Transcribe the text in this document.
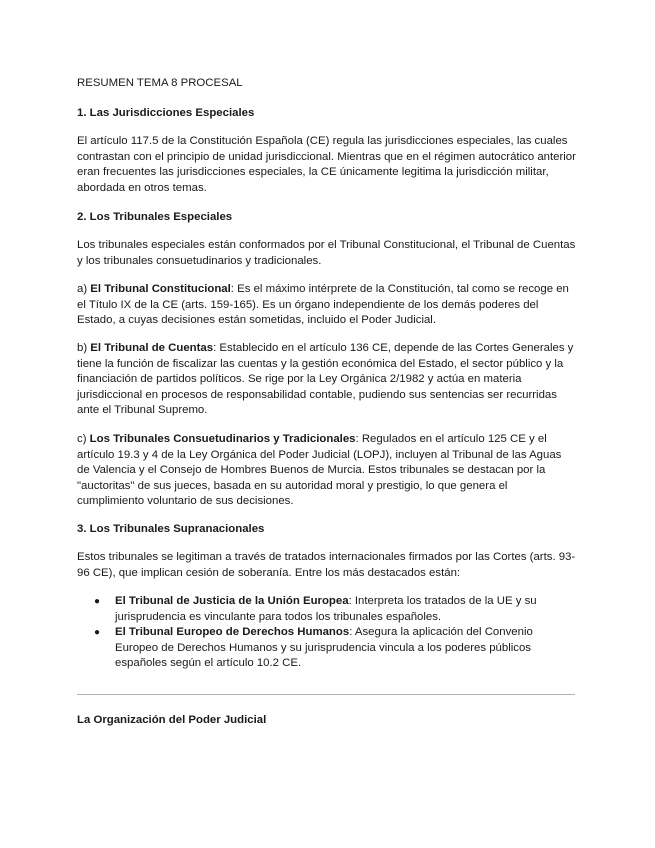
RESUMEN TEMA 8 PROCESAL

1. Las Jurisdicciones Especiales

El artículo 117.5 de la Constitución Española (CE) regula las jurisdicciones especiales, las cuales contrastan con el principio de unidad jurisdiccional. Mientras que en el régimen autocrático anterior eran frecuentes las jurisdicciones especiales, la CE únicamente legitima la jurisdicción militar, abordada en otros temas.

2. Los Tribunales Especiales

Los tribunales especiales están conformados por el Tribunal Constitucional, el Tribunal de Cuentas y los tribunales consuetudinarios y tradicionales.

a) El Tribunal Constitucional: Es el máximo intérprete de la Constitución, tal como se recoge en el Título IX de la CE (arts. 159-165). Es un órgano independiente de los demás poderes del Estado, a cuyas decisiones están sometidas, incluido el Poder Judicial.

b) El Tribunal de Cuentas: Establecido en el artículo 136 CE, depende de las Cortes Generales y tiene la función de fiscalizar las cuentas y la gestión económica del Estado, el sector público y la financiación de partidos políticos. Se rige por la Ley Orgánica 2/1982 y actúa en materia jurisdiccional en procesos de responsabilidad contable, pudiendo sus sentencias ser recurridas ante el Tribunal Supremo.

c) Los Tribunales Consuetudinarios y Tradicionales: Regulados en el artículo 125 CE y el artículo 19.3 y 4 de la Ley Orgánica del Poder Judicial (LOPJ), incluyen al Tribunal de las Aguas de Valencia y el Consejo de Hombres Buenos de Murcia. Estos tribunales se destacan por la "auctoritas" de sus jueces, basada en su autoridad moral y prestigio, lo que genera el cumplimiento voluntario de sus decisiones.

3. Los Tribunales Supranacionales

Estos tribunales se legitiman a través de tratados internacionales firmados por las Cortes (arts. 93-96 CE), que implican cesión de soberanía. Entre los más destacados están:

● El Tribunal de Justicia de la Unión Europea: Interpreta los tratados de la UE y su jurisprudencia es vinculante para todos los tribunales españoles.
● El Tribunal Europeo de Derechos Humanos: Asegura la aplicación del Convenio Europeo de Derechos Humanos y su jurisprudencia vincula a los poderes públicos españoles según el artículo 10.2 CE.

La Organización del Poder Judicial
